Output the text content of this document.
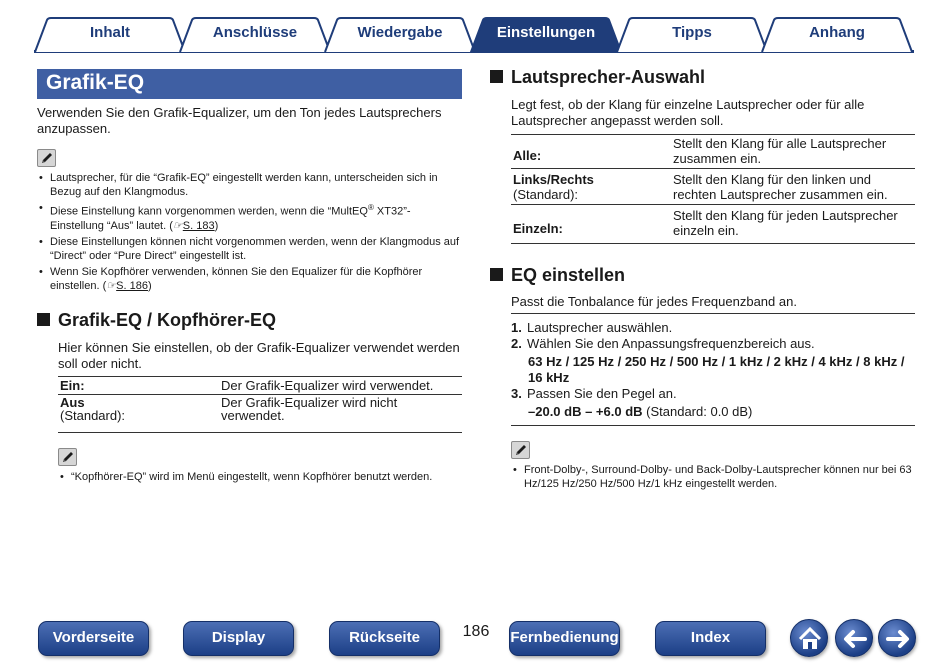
Inhalt	Anschlüsse	Wiedergabe	Einstellungen	Tipps	Anhang
Grafik-EQ
Verwenden Sie den Grafik-Equalizer, um den Ton jedes Lautsprechers anzupassen.
• Lautsprecher, für die “Grafik-EQ” eingestellt werden kann, unterscheiden sich in Bezug auf den Klangmodus.
• Diese Einstellung kann vorgenommen werden, wenn die “MultEQ® XT32”-Einstellung “Aus” lautet. (☞S. 183)
• Diese Einstellungen können nicht vorgenommen werden, wenn der Klangmodus auf “Direct” oder “Pure Direct” eingestellt ist.
• Wenn Sie Kopfhörer verwenden, können Sie den Equalizer für die Kopfhörer einstellen. (☞S. 186)
Grafik-EQ / Kopfhörer-EQ
Hier können Sie einstellen, ob der Grafik-Equalizer verwendet werden soll oder nicht.
Ein:	Der Grafik-Equalizer wird verwendet.
Aus
(Standard):	Der Grafik-Equalizer wird nicht verwendet.
• “Kopfhörer-EQ” wird im Menü eingestellt, wenn Kopfhörer benutzt werden.
Lautsprecher-Auswahl
Legt fest, ob der Klang für einzelne Lautsprecher oder für alle Lautsprecher angepasst werden soll.
Alle:	Stellt den Klang für alle Lautsprecher zusammen ein.
Links/Rechts
(Standard):	Stellt den Klang für den linken und rechten Lautsprecher zusammen ein.
Einzeln:	Stellt den Klang für jeden Lautsprecher einzeln ein.
EQ einstellen
Passt die Tonbalance für jedes Frequenzband an.
1. Lautsprecher auswählen.
2. Wählen Sie den Anpassungsfrequenzbereich aus.
63 Hz / 125 Hz / 250 Hz / 500 Hz / 1 kHz / 2 kHz / 4 kHz / 8 kHz / 16 kHz
3. Passen Sie den Pegel an.
–20.0 dB – +6.0 dB (Standard: 0.0 dB)
• Front-Dolby-, Surround-Dolby- und Back-Dolby-Lautsprecher können nur bei 63 Hz/125 Hz/250 Hz/500 Hz/1 kHz eingestellt werden.
Vorderseite	Display	Rückseite	186	Fernbedienung	Index
